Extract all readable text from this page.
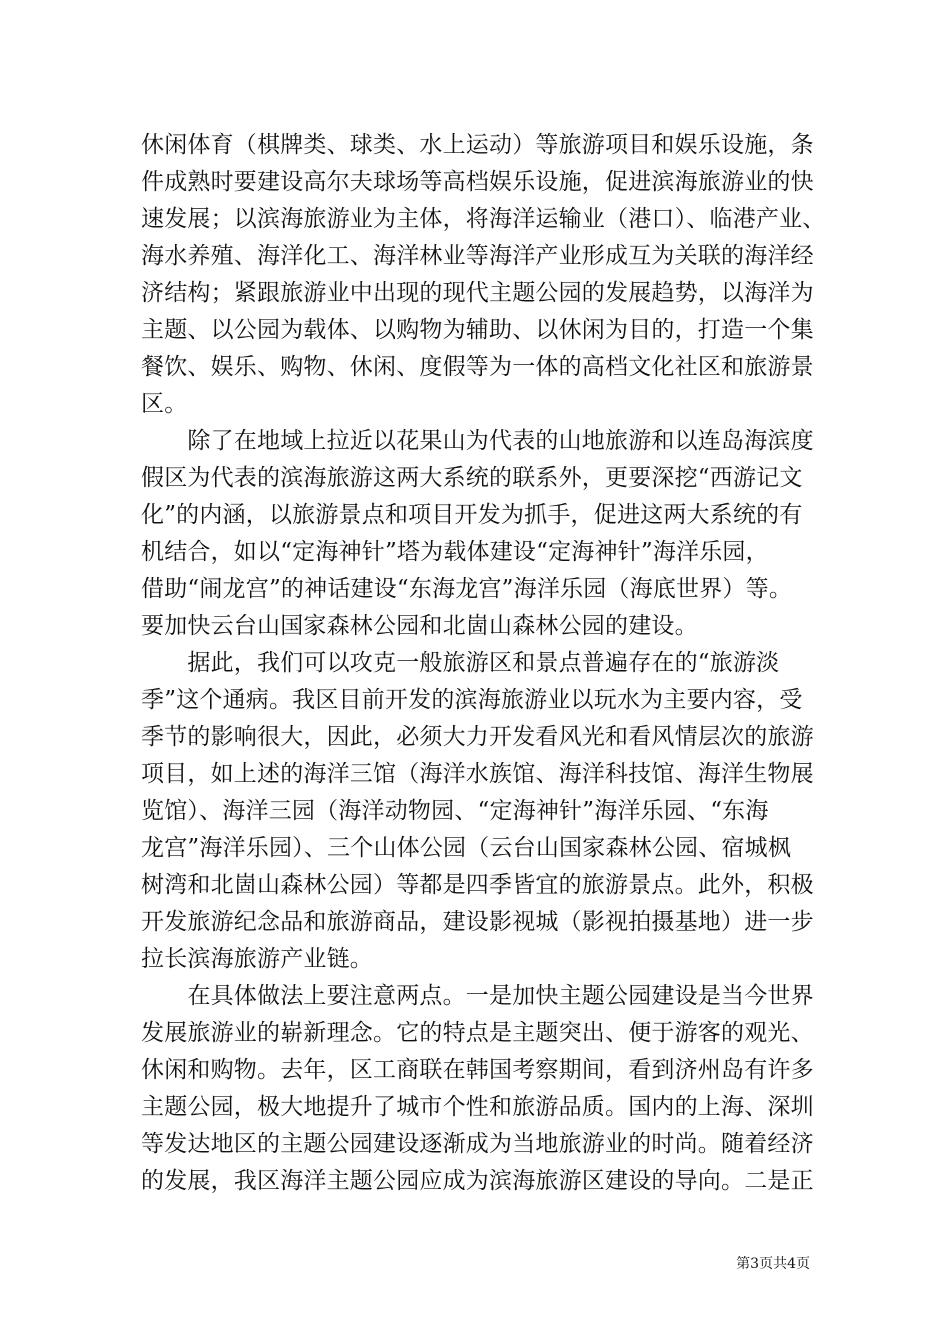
休闲体育（棋牌类、球类、水上运动）等旅游项目和娱乐设施，条
件成熟时要建设高尔夫球场等高档娱乐设施，促进滨海旅游业的快
速发展；以滨海旅游业为主体，将海洋运输业（港口）、临港产业、
海水养殖、海洋化工、海洋林业等海洋产业形成互为关联的海洋经
济结构；紧跟旅游业中出现的现代主题公园的发展趋势，以海洋为
主题、以公园为载体、以购物为辅助、以休闲为目的，打造一个集
餐饮、娱乐、购物、休闲、度假等为一体的高档文化社区和旅游景
区。
　　除了在地域上拉近以花果山为代表的山地旅游和以连岛海滨度
假区为代表的滨海旅游这两大系统的联系外，更要深挖“西游记文
化”的内涵，以旅游景点和项目开发为抓手，促进这两大系统的有
机结合，如以“定海神针”塔为载体建设“定海神针”海洋乐园，
借助“闹龙宫”的神话建设“东海龙宫”海洋乐园（海底世界）等。
要加快云台山国家森林公园和北崮山森林公园的建设。
　　据此，我们可以攻克一般旅游区和景点普遍存在的“旅游淡
季”这个通病。我区目前开发的滨海旅游业以玩水为主要内容，受
季节的影响很大，因此，必须大力开发看风光和看风情层次的旅游
项目，如上述的海洋三馆（海洋水族馆、海洋科技馆、海洋生物展
览馆）、海洋三园（海洋动物园、“定海神针”海洋乐园、“东海
龙宫”海洋乐园）、三个山体公园（云台山国家森林公园、宿城枫
树湾和北崮山森林公园）等都是四季皆宜的旅游景点。此外，积极
开发旅游纪念品和旅游商品，建设影视城（影视拍摄基地）进一步
拉长滨海旅游产业链。
　　在具体做法上要注意两点。一是加快主题公园建设是当今世界
发展旅游业的崭新理念。它的特点是主题突出、便于游客的观光、
休闲和购物。去年，区工商联在韩国考察期间，看到济州岛有许多
主题公园，极大地提升了城市个性和旅游品质。国内的上海、深圳
等发达地区的主题公园建设逐渐成为当地旅游业的时尚。随着经济
的发展，我区海洋主题公园应成为滨海旅游区建设的导向。二是正
第3页共4页
